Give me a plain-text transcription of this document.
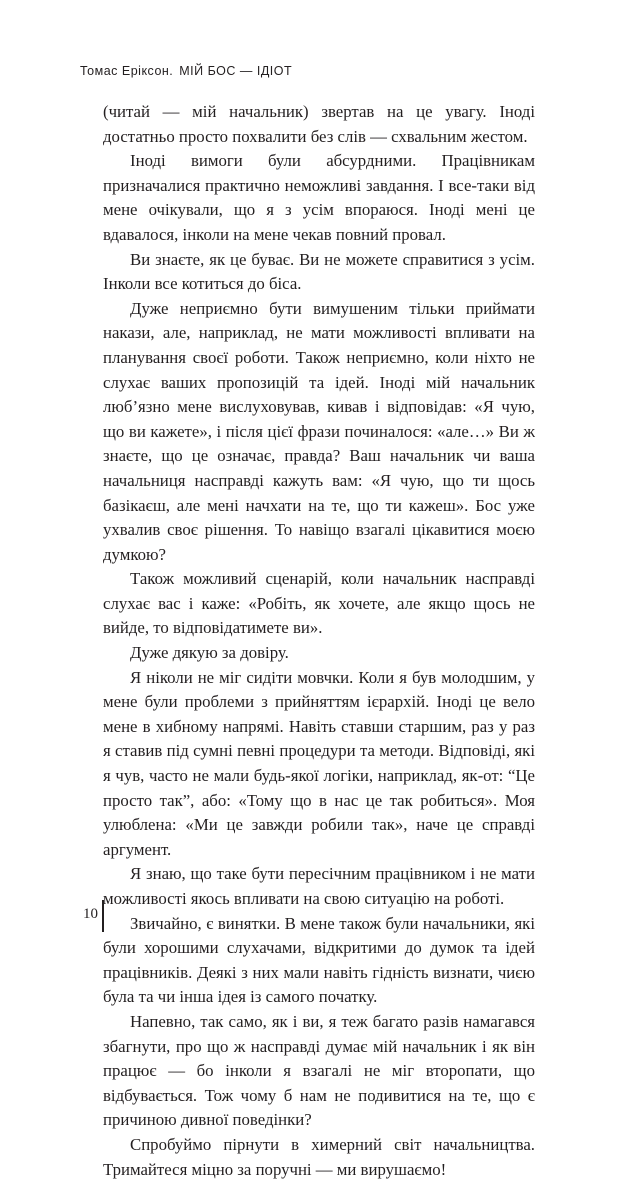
Томас Еріксон. МІЙ БОС — ІДІОТ

(читай — мій начальник) звертав на це увагу. Іноді достатньо просто похвалити без слів — схвальним жестом.

Іноді вимоги були абсурдними. Працівникам призначалися практично неможливі завдання. І все-таки від мене очікували, що я з усім впораюся. Іноді мені це вдавалося, інколи на мене чекав повний провал.

Ви знаєте, як це буває. Ви не можете справитися з усім. Інколи все котиться до біса.

Дуже неприємно бути вимушеним тільки приймати накази, але, наприклад, не мати можливості впливати на планування своєї роботи. Також неприємно, коли ніхто не слухає ваших пропозицій та ідей. Іноді мій начальник люб’язно мене вислуховував, кивав і відповідав: «Я чую, що ви кажете», і після цієї фрази починалося: «але…» Ви ж знаєте, що це означає, правда? Ваш начальник чи ваша начальниця насправді кажуть вам: «Я чую, що ти щось базікаєш, але мені начхати на те, що ти кажеш». Бос уже ухвалив своє рішення. То навіщо взагалі цікавитися моєю думкою?

Також можливий сценарій, коли начальник насправді слухає вас і каже: «Робіть, як хочете, але якщо щось не вийде, то відповідатимете ви».

Дуже дякую за довіру.

Я ніколи не міг сидіти мовчки. Коли я був молодшим, у мене були проблеми з прийняттям ієрархій. Іноді це вело мене в хибному напрямі. Навіть ставши старшим, раз у раз я ставив під сумні певні процедури та методи. Відповіді, які я чув, часто не мали будь-якої логіки, наприклад, як-от: “Це просто так”, або: «Тому що в нас це так робиться». Моя улюблена: «Ми це завжди робили так», наче це справді аргумент.

Я знаю, що таке бути пересічним працівником і не мати можливості якось впливати на свою ситуацію на роботі.

Звичайно, є винятки. В мене також були начальники, які були хорошими слухачами, відкритими до думок та ідей працівників. Деякі з них мали навіть гідність визнати, чиєю була та чи інша ідея із самого початку.

Напевно, так само, як і ви, я теж багато разів намагався збагнути, про що ж насправді думає мій начальник і як він працює — бо інколи я взагалі не міг второпати, що відбувається. Тож чому б нам не подивитися на те, що є причиною дивної поведінки?

Спробуймо пірнути в химерний світ начальництва. Тримайтеся міцно за поручні — ми вирушаємо!

10
